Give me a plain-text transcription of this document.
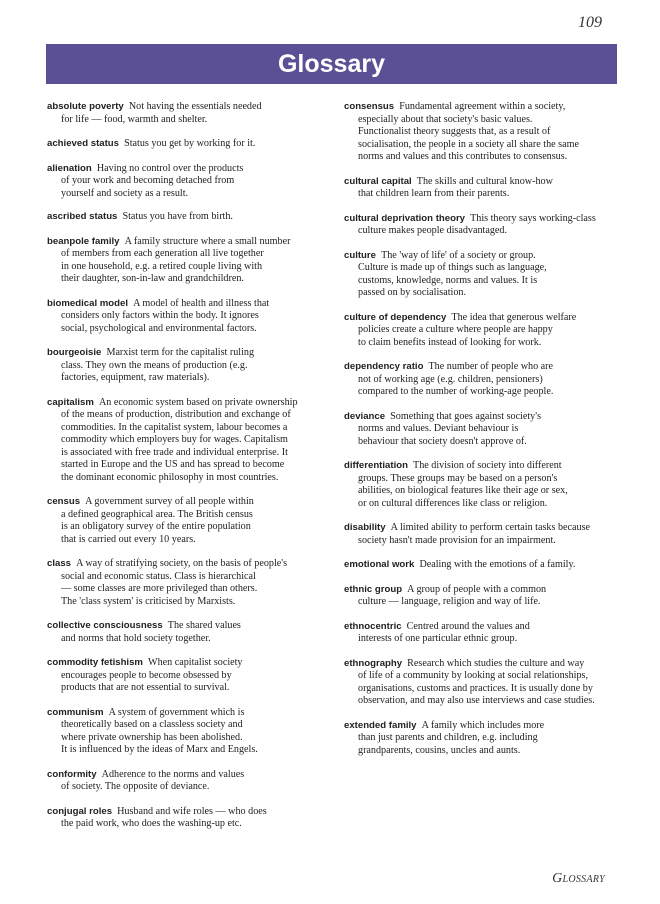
109
Glossary
absolute poverty Not having the essentials needed
for life — food, warmth and shelter.
achieved status Status you get by working for it.
alienation Having no control over the products
of your work and becoming detached from
yourself and society as a result.
ascribed status Status you have from birth.
beanpole family A family structure where a small number
of members from each generation all live together
in one household, e.g. a retired couple living with
their daughter, son-in-law and grandchildren.
biomedical model A model of health and illness that
considers only factors within the body. It ignores
social, psychological and environmental factors.
bourgeoisie Marxist term for the capitalist ruling
class. They own the means of production (e.g.
factories, equipment, raw materials).
capitalism An economic system based on private ownership
of the means of production, distribution and exchange of
commodities. In the capitalist system, labour becomes a
commodity which employers buy for wages. Capitalism
is associated with free trade and individual enterprise. It
started in Europe and the US and has spread to become
the dominant economic philosophy in most countries.
census A government survey of all people within
a defined geographical area. The British census
is an obligatory survey of the entire population
that is carried out every 10 years.
class A way of stratifying society, on the basis of people's
social and economic status. Class is hierarchical
— some classes are more privileged than others.
The 'class system' is criticised by Marxists.
collective consciousness The shared values
and norms that hold society together.
commodity fetishism When capitalist society
encourages people to become obsessed by
products that are not essential to survival.
communism A system of government which is
theoretically based on a classless society and
where private ownership has been abolished.
It is influenced by the ideas of Marx and Engels.
conformity Adherence to the norms and values
of society. The opposite of deviance.
conjugal roles Husband and wife roles — who does
the paid work, who does the washing-up etc.
consensus Fundamental agreement within a society,
especially about that society's basic values.
Functionalist theory suggests that, as a result of
socialisation, the people in a society all share the same
norms and values and this contributes to consensus.
cultural capital The skills and cultural know-how
that children learn from their parents.
cultural deprivation theory This theory says working-class
culture makes people disadvantaged.
culture The 'way of life' of a society or group.
Culture is made up of things such as language,
customs, knowledge, norms and values. It is
passed on by socialisation.
culture of dependency The idea that generous welfare
policies create a culture where people are happy
to claim benefits instead of looking for work.
dependency ratio The number of people who are
not of working age (e.g. children, pensioners)
compared to the number of working-age people.
deviance Something that goes against society's
norms and values. Deviant behaviour is
behaviour that society doesn't approve of.
differentiation The division of society into different
groups. These groups may be based on a person's
abilities, on biological features like their age or sex,
or on cultural differences like class or religion.
disability A limited ability to perform certain tasks because
society hasn't made provision for an impairment.
emotional work Dealing with the emotions of a family.
ethnic group A group of people with a common
culture — language, religion and way of life.
ethnocentric Centred around the values and
interests of one particular ethnic group.
ethnography Research which studies the culture and way
of life of a community by looking at social relationships,
organisations, customs and practices. It is usually done by
observation, and may also use interviews and case studies.
extended family A family which includes more
than just parents and children, e.g. including
grandparents, cousins, uncles and aunts.
Glossary
